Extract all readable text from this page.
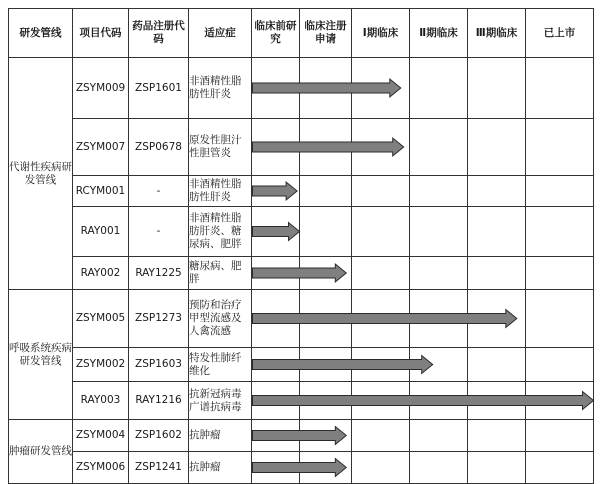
研发管线	项目代码	药品注册代码	适应症	临床前研究	临床注册申请	Ⅰ期临床	Ⅱ期临床	Ⅲ期临床	已上市
代谢性疾病研发管线	ZSYM009	ZSP1601	非酒精性脂肪性肝炎						
	ZSYM007	ZSP0678	原发性胆汁性胆管炎						
	RCYM001	-	非酒精性脂肪性肝炎						
	RAY001	-	非酒精性脂肪肝炎、糖尿病、肥胖						
	RAY002	RAY1225	糖尿病、肥胖						
呼吸系统疾病研发管线	ZSYM005	ZSP1273	预防和治疗甲型流感及人禽流感						
	ZSYM002	ZSP1603	特发性肺纤维化						
	RAY003	RAY1216	抗新冠病毒广谱抗病毒						
肿瘤研发管线	ZSYM004	ZSP1602	抗肿瘤						
	ZSYM006	ZSP1241	抗肿瘤						
